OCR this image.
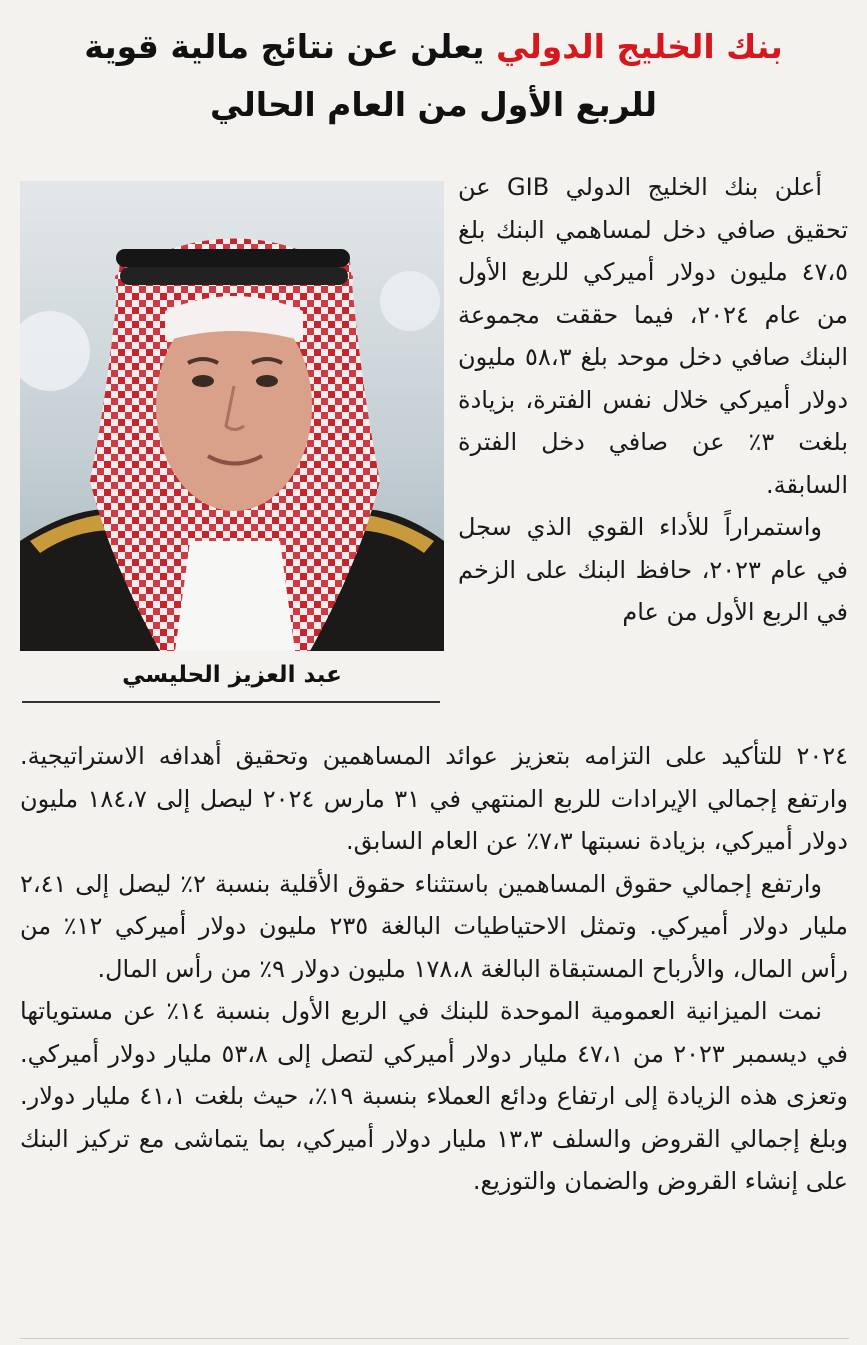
بنك الخليج الدولي يعلن عن نتائج مالية قوية
للربع الأول من العام الحالي
عبد العزيز الحليسي

أعلن بنك الخليج الدولي GIB عن تحقيق صافي دخل لمساهمي البنك بلغ ٤٧،٥ مليون دولار أميركي للربع الأول من عام ٢٠٢٤، فيما حققت مجموعة البنك صافي دخل موحد بلغ ٥٨،٣ مليون دولار أميركي خلال نفس الفترة، بزيادة بلغت ٣٪ عن صافي دخل الفترة السابقة.

واستمراراً للأداء القوي الذي سجل في عام ٢٠٢٣، حافظ البنك على الزخم في الربع الأول من عام

٢٠٢٤ للتأكيد على التزامه بتعزيز عوائد المساهمين وتحقيق أهدافه الاستراتيجية. وارتفع إجمالي الإيرادات للربع المنتهي في ٣١ مارس ٢٠٢٤ ليصل إلى ١٨٤،٧ مليون دولار أميركي، بزيادة نسبتها ٧،٣٪ عن العام السابق.

وارتفع إجمالي حقوق المساهمين باستثناء حقوق الأقلية بنسبة ٢٪ ليصل إلى ٢،٤١ مليار دولار أميركي. وتمثل الاحتياطيات البالغة ٢٣٥ مليون دولار أميركي ١٢٪ من رأس المال، والأرباح المستبقاة البالغة ١٧٨،٨ مليون دولار ٩٪ من رأس المال.

نمت الميزانية العمومية الموحدة للبنك في الربع الأول بنسبة ١٤٪ عن مستوياتها في ديسمبر ٢٠٢٣ من ٤٧،١ مليار دولار أميركي لتصل إلى ٥٣،٨ مليار دولار أميركي. وتعزى هذه الزيادة إلى ارتفاع ودائع العملاء بنسبة ١٩٪، حيث بلغت ٤١،١ مليار دولار. وبلغ إجمالي القروض والسلف ١٣،٣ مليار دولار أميركي، بما يتماشى مع تركيز البنك على إنشاء القروض والضمان والتوزيع.
